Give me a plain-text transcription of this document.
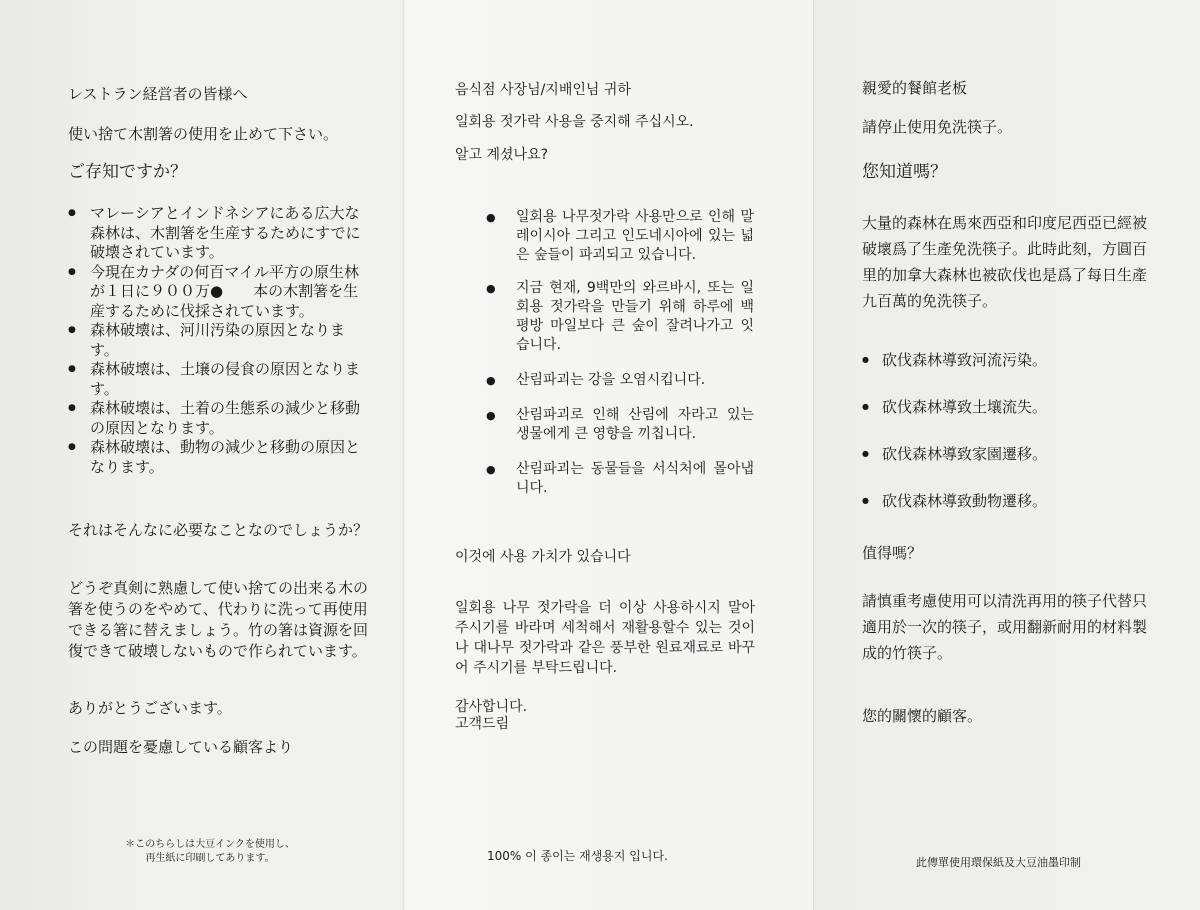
レストラン経営者の皆様へ
使い捨て木割箸の使用を止めて下さい。
ご存知ですか？
● マレーシアとインドネシアにある広大な森林は、木割箸を生産するためにすでに破壊されています。
● 今現在カナダの何百マイル平方の原生林が１日に９００万●　　本の木割箸を生産するために伐採されています。
● 森林破壊は、河川汚染の原因となります。
● 森林破壊は、土壌の侵食の原因となります。
● 森林破壊は、土着の生態系の減少と移動の原因となります。
● 森林破壊は、動物の減少と移動の原因となります。
それはそんなに必要なことなのでしょうか？
どうぞ真剣に熟慮して使い捨ての出来る木の箸を使うのをやめて、代わりに洗って再使用できる箸に替えましょう。竹の箸は資源を回復できて破壊しないもので作られています。
ありがとうございます。
この問題を憂慮している顧客より
＊このちらしは大豆インクを使用し、
再生紙に印刷してあります。
음식점 사장님/지배인님 귀하
일회용 젓가락 사용을 중지해 주십시오.
알고 계셨나요?
● 일회용 나무젓가락 사용만으로 인해 말레이시아 그리고 인도네시아에 있는 넓은 숲들이 파괴되고 있습니다.
● 지금 현재, 9백만의 와르바시, 또는 일회용 젓가락을 만들기 위해 하루에 백 평방 마일보다 큰 숲이 잘려나가고 잇습니다.
● 산림파괴는 강을 오염시킵니다.
● 산림파괴로 인해 산림에 자라고 있는 생물에게 큰 영향을 끼칩니다.
● 산림파괴는 동물들을 서식처에 몰아냅니다.
이것에 사용 가치가 있습니다
일회용 나무 젓가락을 더 이상 사용하시지 말아 주시기를 바라며 세척해서 재활용할수 있는 것이나 대나무 젓가락과 같은 풍부한 원료재료로 바꾸어 주시기를 부탁드립니다.
감사합니다.
고객드림
100% 이 종이는 재생용지 입니다.
親愛的餐館老板
請停止使用免洗筷子。
您知道嗎？
大量的森林在馬來西亞和印度尼西亞已經被破壞爲了生產免洗筷子。此時此刻，方圓百里的加拿大森林也被砍伐也是爲了每日生產九百萬的免洗筷子。
● 砍伐森林導致河流污染。
● 砍伐森林導致土壤流失。
● 砍伐森林導致家園遷移。
● 砍伐森林導致動物遷移。
值得嗎？
請慎重考慮使用可以清洗再用的筷子代替只適用於一次的筷子，或用翻新耐用的材料製成的竹筷子。
您的關懷的顧客。
此傳單使用環保紙及大豆油墨印制
